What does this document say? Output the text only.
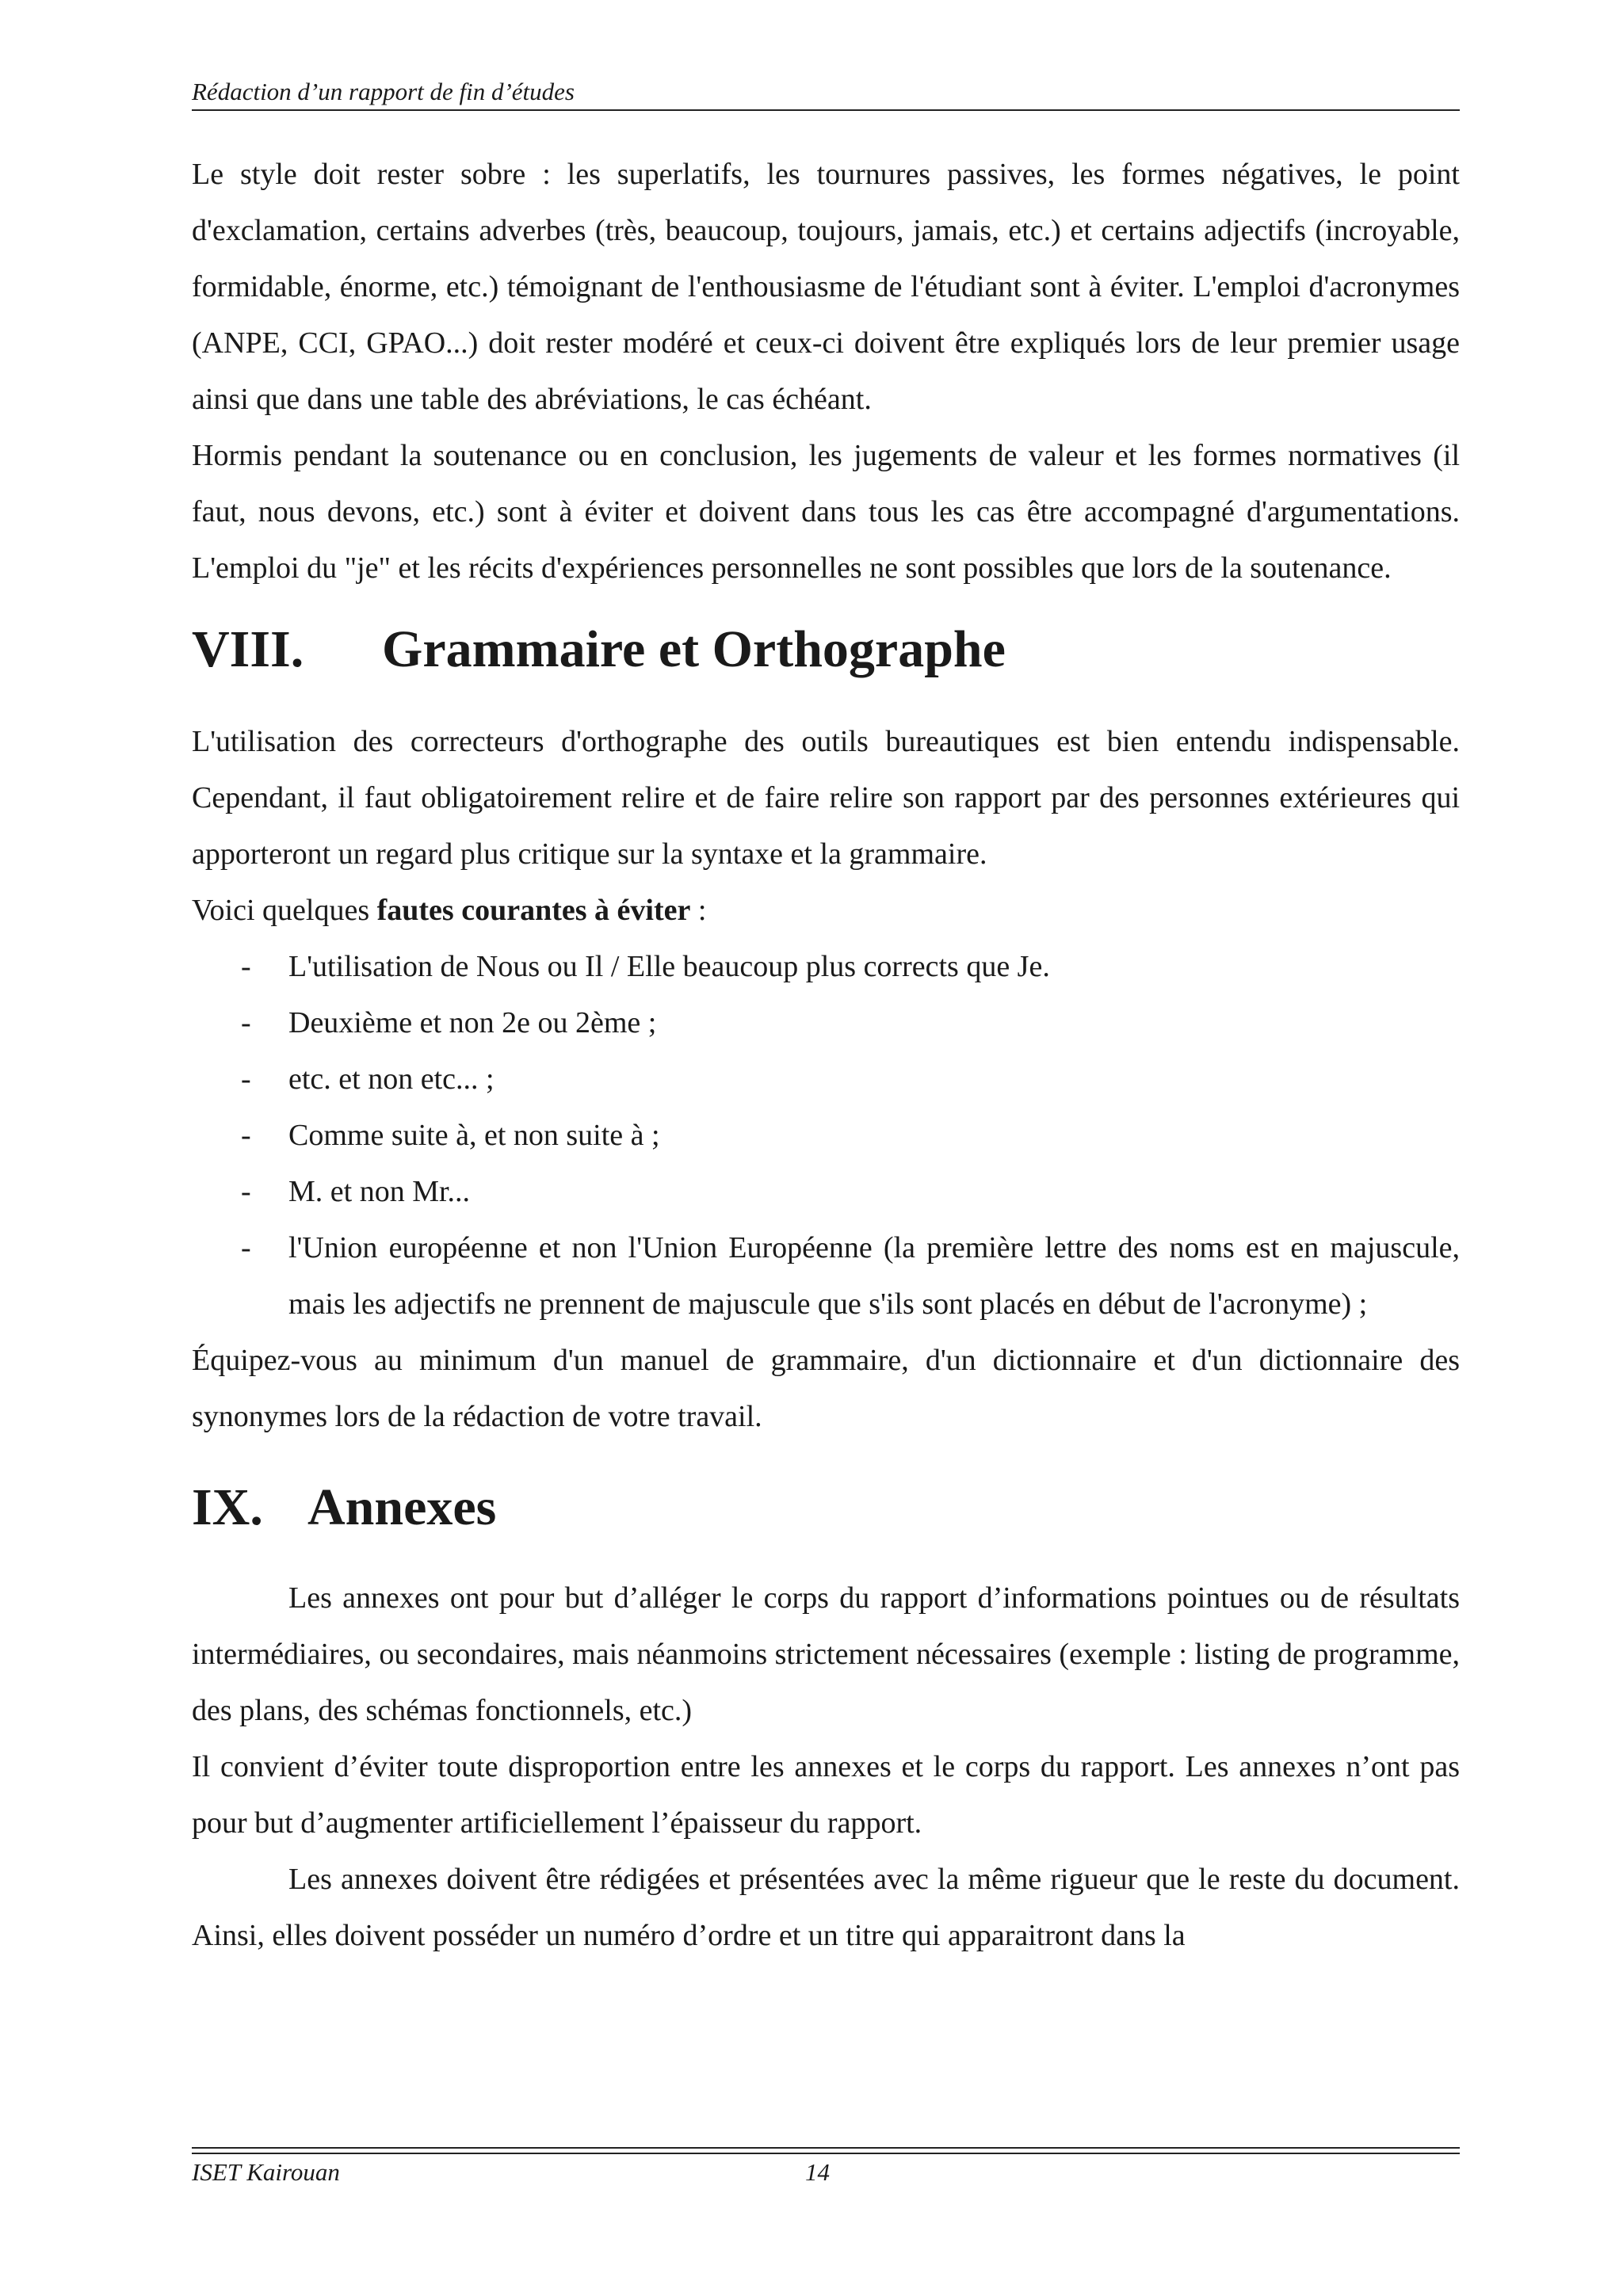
Rédaction d’un rapport de fin d’études

Le style doit rester sobre : les superlatifs, les tournures passives, les formes négatives, le point d'exclamation, certains adverbes (très, beaucoup, toujours, jamais, etc.) et certains adjectifs (incroyable, formidable, énorme, etc.) témoignant de l'enthousiasme de l'étudiant sont à éviter. L'emploi d'acronymes (ANPE, CCI, GPAO...) doit rester modéré et ceux-ci doivent être expliqués lors de leur premier usage ainsi que dans une table des abréviations, le cas échéant.

Hormis pendant la soutenance ou en conclusion, les jugements de valeur et les formes normatives (il faut, nous devons, etc.) sont à éviter et doivent dans tous les cas être accompagné d'argumentations. L'emploi du "je" et les récits d'expériences personnelles ne sont possibles que lors de la soutenance.

VIII.	Grammaire et Orthographe

L'utilisation des correcteurs d'orthographe des outils bureautiques est bien entendu indispensable. Cependant, il faut obligatoirement relire et de faire relire son rapport par des personnes extérieures qui apporteront un regard plus critique sur la syntaxe et la grammaire.

Voici quelques fautes courantes à éviter :

- L'utilisation de Nous ou Il / Elle beaucoup plus corrects que Je.
- Deuxième et non 2e ou 2ème ;
- etc. et non etc... ;
- Comme suite à, et non suite à ;
- M. et non Mr...
- l'Union européenne et non l'Union Européenne (la première lettre des noms est en majuscule, mais les adjectifs ne prennent de majuscule que s'ils sont placés en début de l'acronyme) ;

Équipez-vous au minimum d'un manuel de grammaire, d'un dictionnaire et d'un dictionnaire des synonymes lors de la rédaction de votre travail.

IX. Annexes

Les annexes ont pour but d’alléger le corps du rapport d’informations pointues ou de résultats intermédiaires, ou secondaires, mais néanmoins strictement nécessaires (exemple : listing de programme, des plans, des schémas fonctionnels, etc.)

Il convient d’éviter toute disproportion entre les annexes et le corps du rapport. Les annexes n’ont pas pour but d’augmenter artificiellement l’épaisseur du rapport.

Les annexes doivent être rédigées et présentées avec la même rigueur que le reste du document. Ainsi, elles doivent posséder un numéro d’ordre et un titre qui apparaitront dans la

ISET Kairouan	14
